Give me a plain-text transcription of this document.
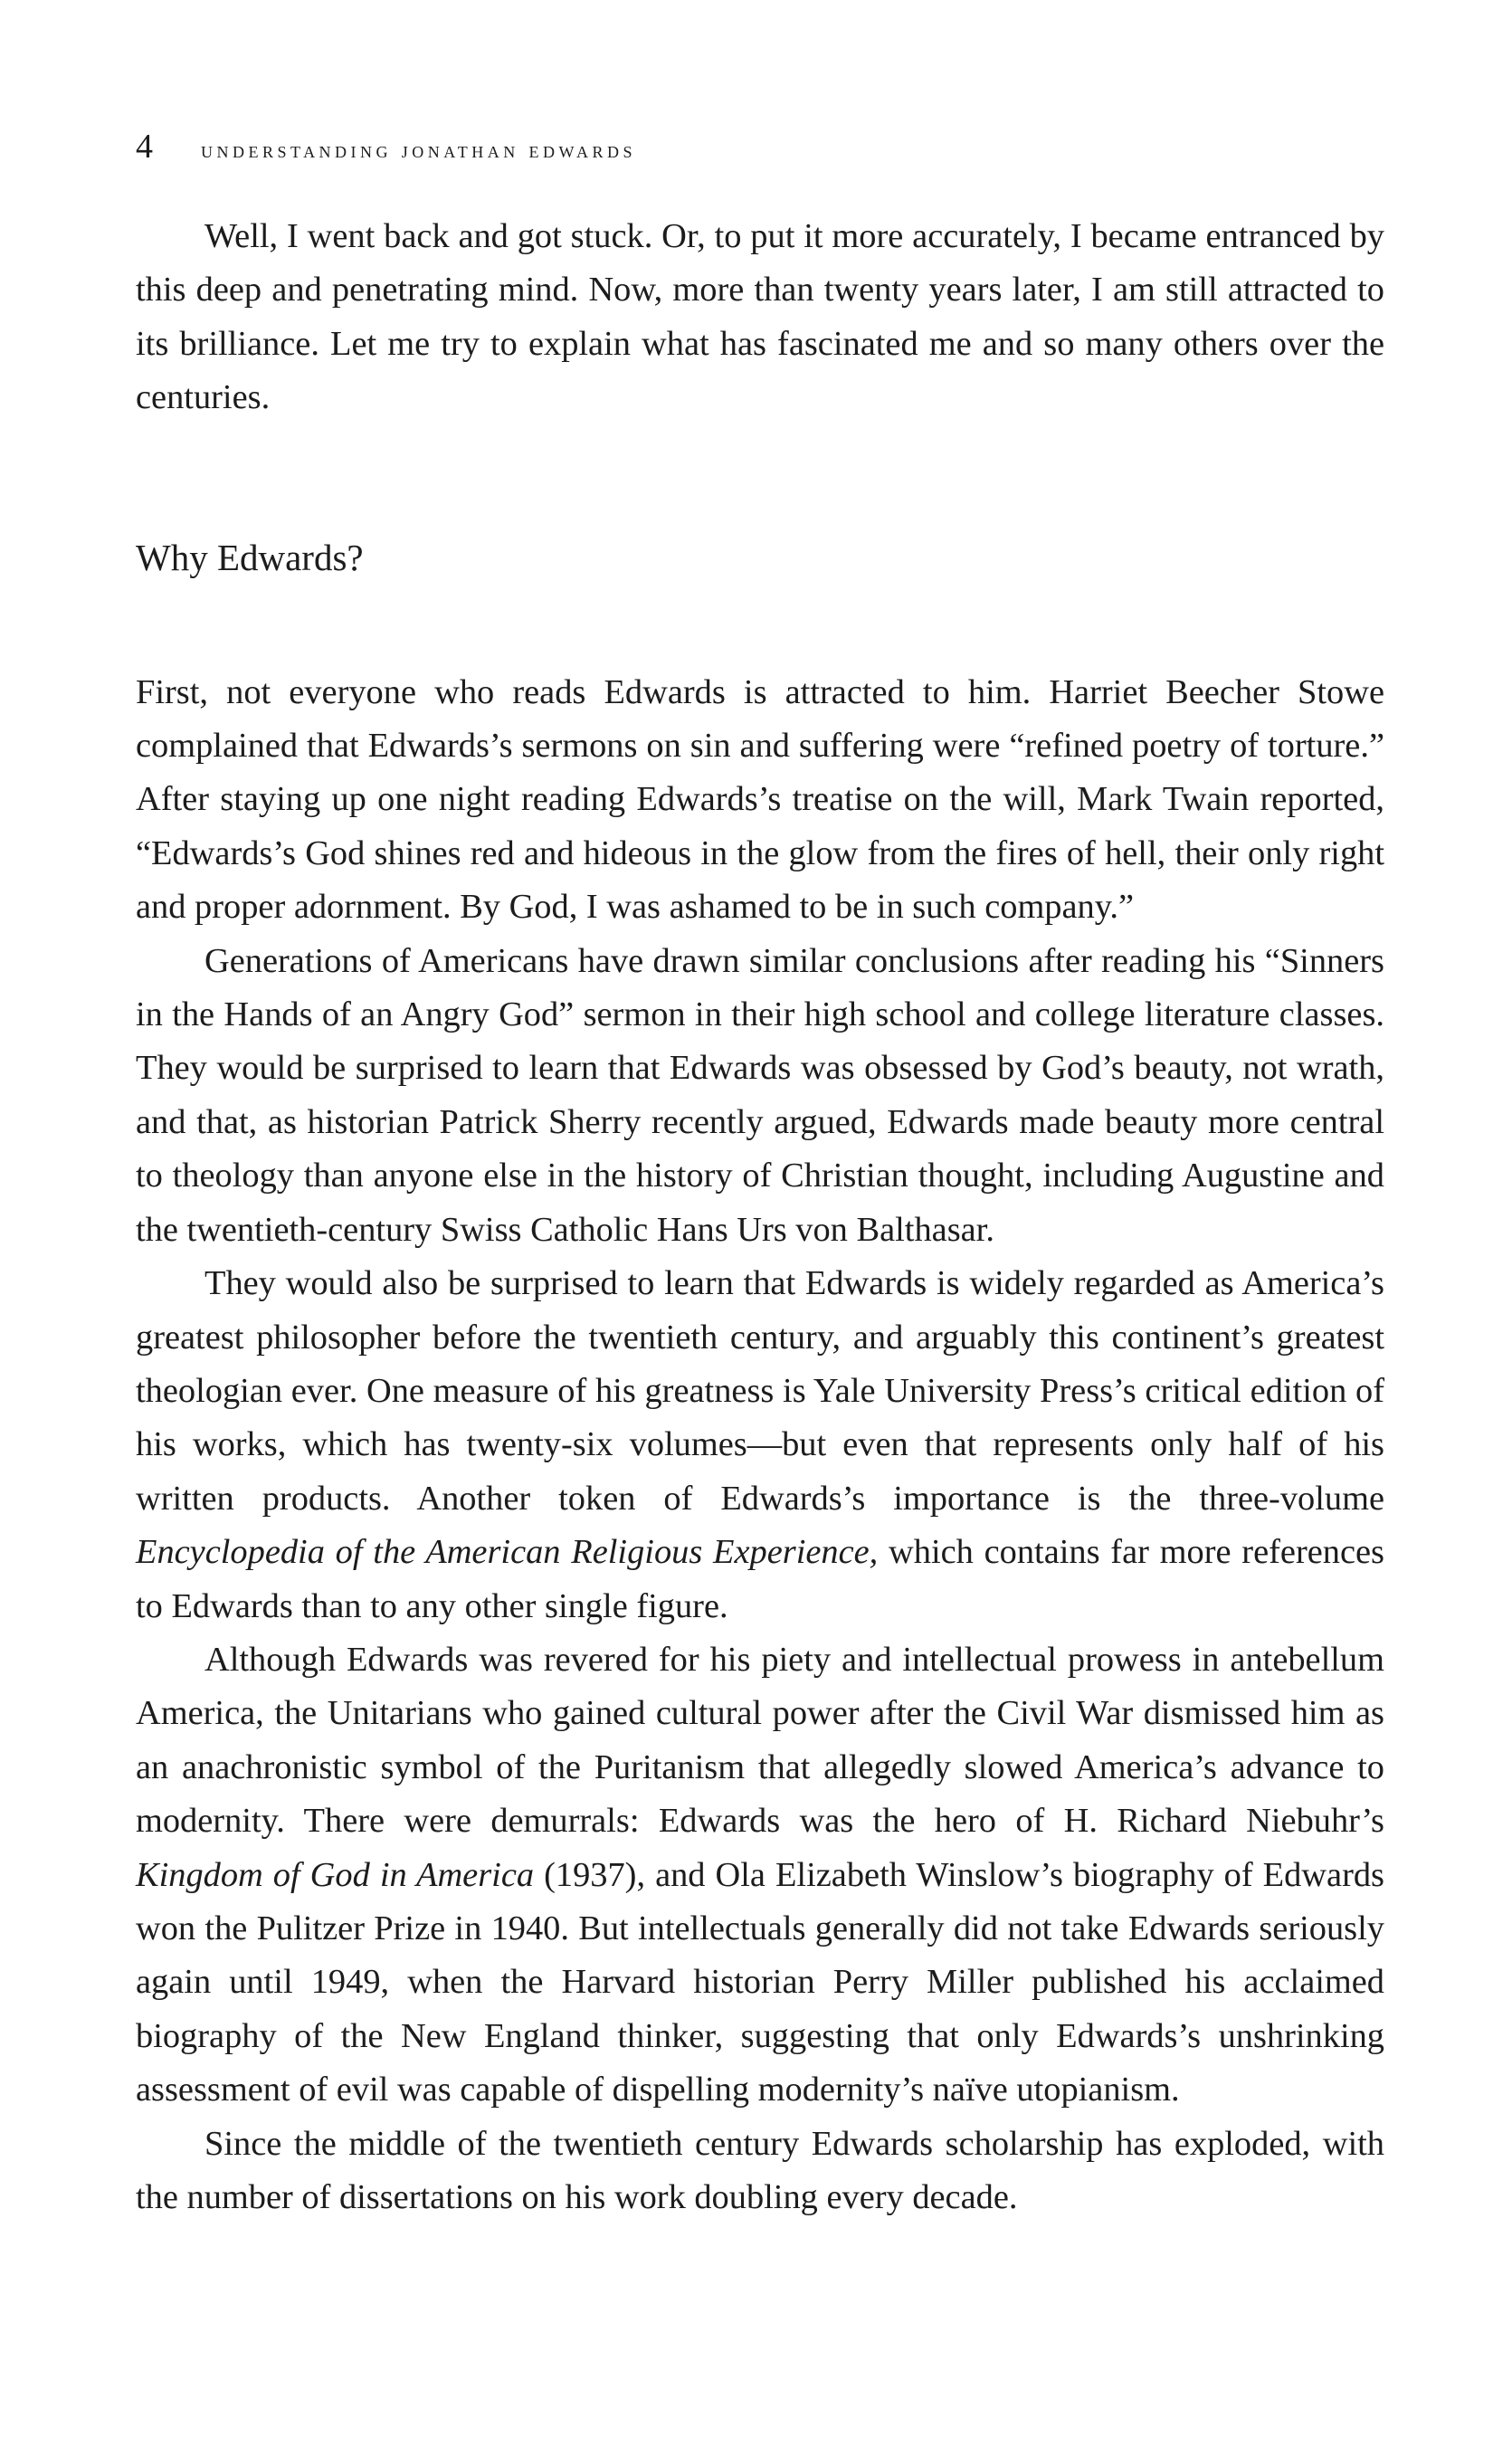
4	understanding jonathan edwards

Well, I went back and got stuck. Or, to put it more accurately, I became entranced by this deep and penetrating mind. Now, more than twenty years later, I am still attracted to its brilliance. Let me try to explain what has fascinated me and so many others over the centuries.

Why Edwards?

First, not everyone who reads Edwards is attracted to him. Harriet Beecher Stowe complained that Edwards’s sermons on sin and suffering were “refined poetry of torture.” After staying up one night reading Edwards’s treatise on the will, Mark Twain reported, “Edwards’s God shines red and hideous in the glow from the fires of hell, their only right and proper adornment. By God, I was ashamed to be in such company.”

Generations of Americans have drawn similar conclusions after reading his “Sinners in the Hands of an Angry God” sermon in their high school and college literature classes. They would be surprised to learn that Edwards was obsessed by God’s beauty, not wrath, and that, as historian Patrick Sherry recently argued, Edwards made beauty more central to theology than anyone else in the history of Christian thought, including Augustine and the twentieth-century Swiss Catholic Hans Urs von Balthasar.

They would also be surprised to learn that Edwards is widely regarded as America’s greatest philosopher before the twentieth century, and arguably this continent’s greatest theologian ever. One measure of his greatness is Yale University Press’s critical edition of his works, which has twenty-six volumes—but even that represents only half of his written products. Another token of Edwards’s importance is the three-volume Encyclopedia of the American Religious Experience, which contains far more references to Edwards than to any other single figure.

Although Edwards was revered for his piety and intellectual prowess in antebellum America, the Unitarians who gained cultural power after the Civil War dismissed him as an anachronistic symbol of the Puritanism that allegedly slowed America’s advance to modernity. There were demurrals: Edwards was the hero of H. Richard Niebuhr’s Kingdom of God in America (1937), and Ola Elizabeth Winslow’s biography of Edwards won the Pulitzer Prize in 1940. But intellectuals generally did not take Edwards seriously again until 1949, when the Harvard historian Perry Miller published his acclaimed biography of the New England thinker, suggesting that only Edwards’s unshrinking assessment of evil was capable of dispelling modernity’s naïve utopianism.

Since the middle of the twentieth century Edwards scholarship has exploded, with the number of dissertations on his work doubling every decade.
